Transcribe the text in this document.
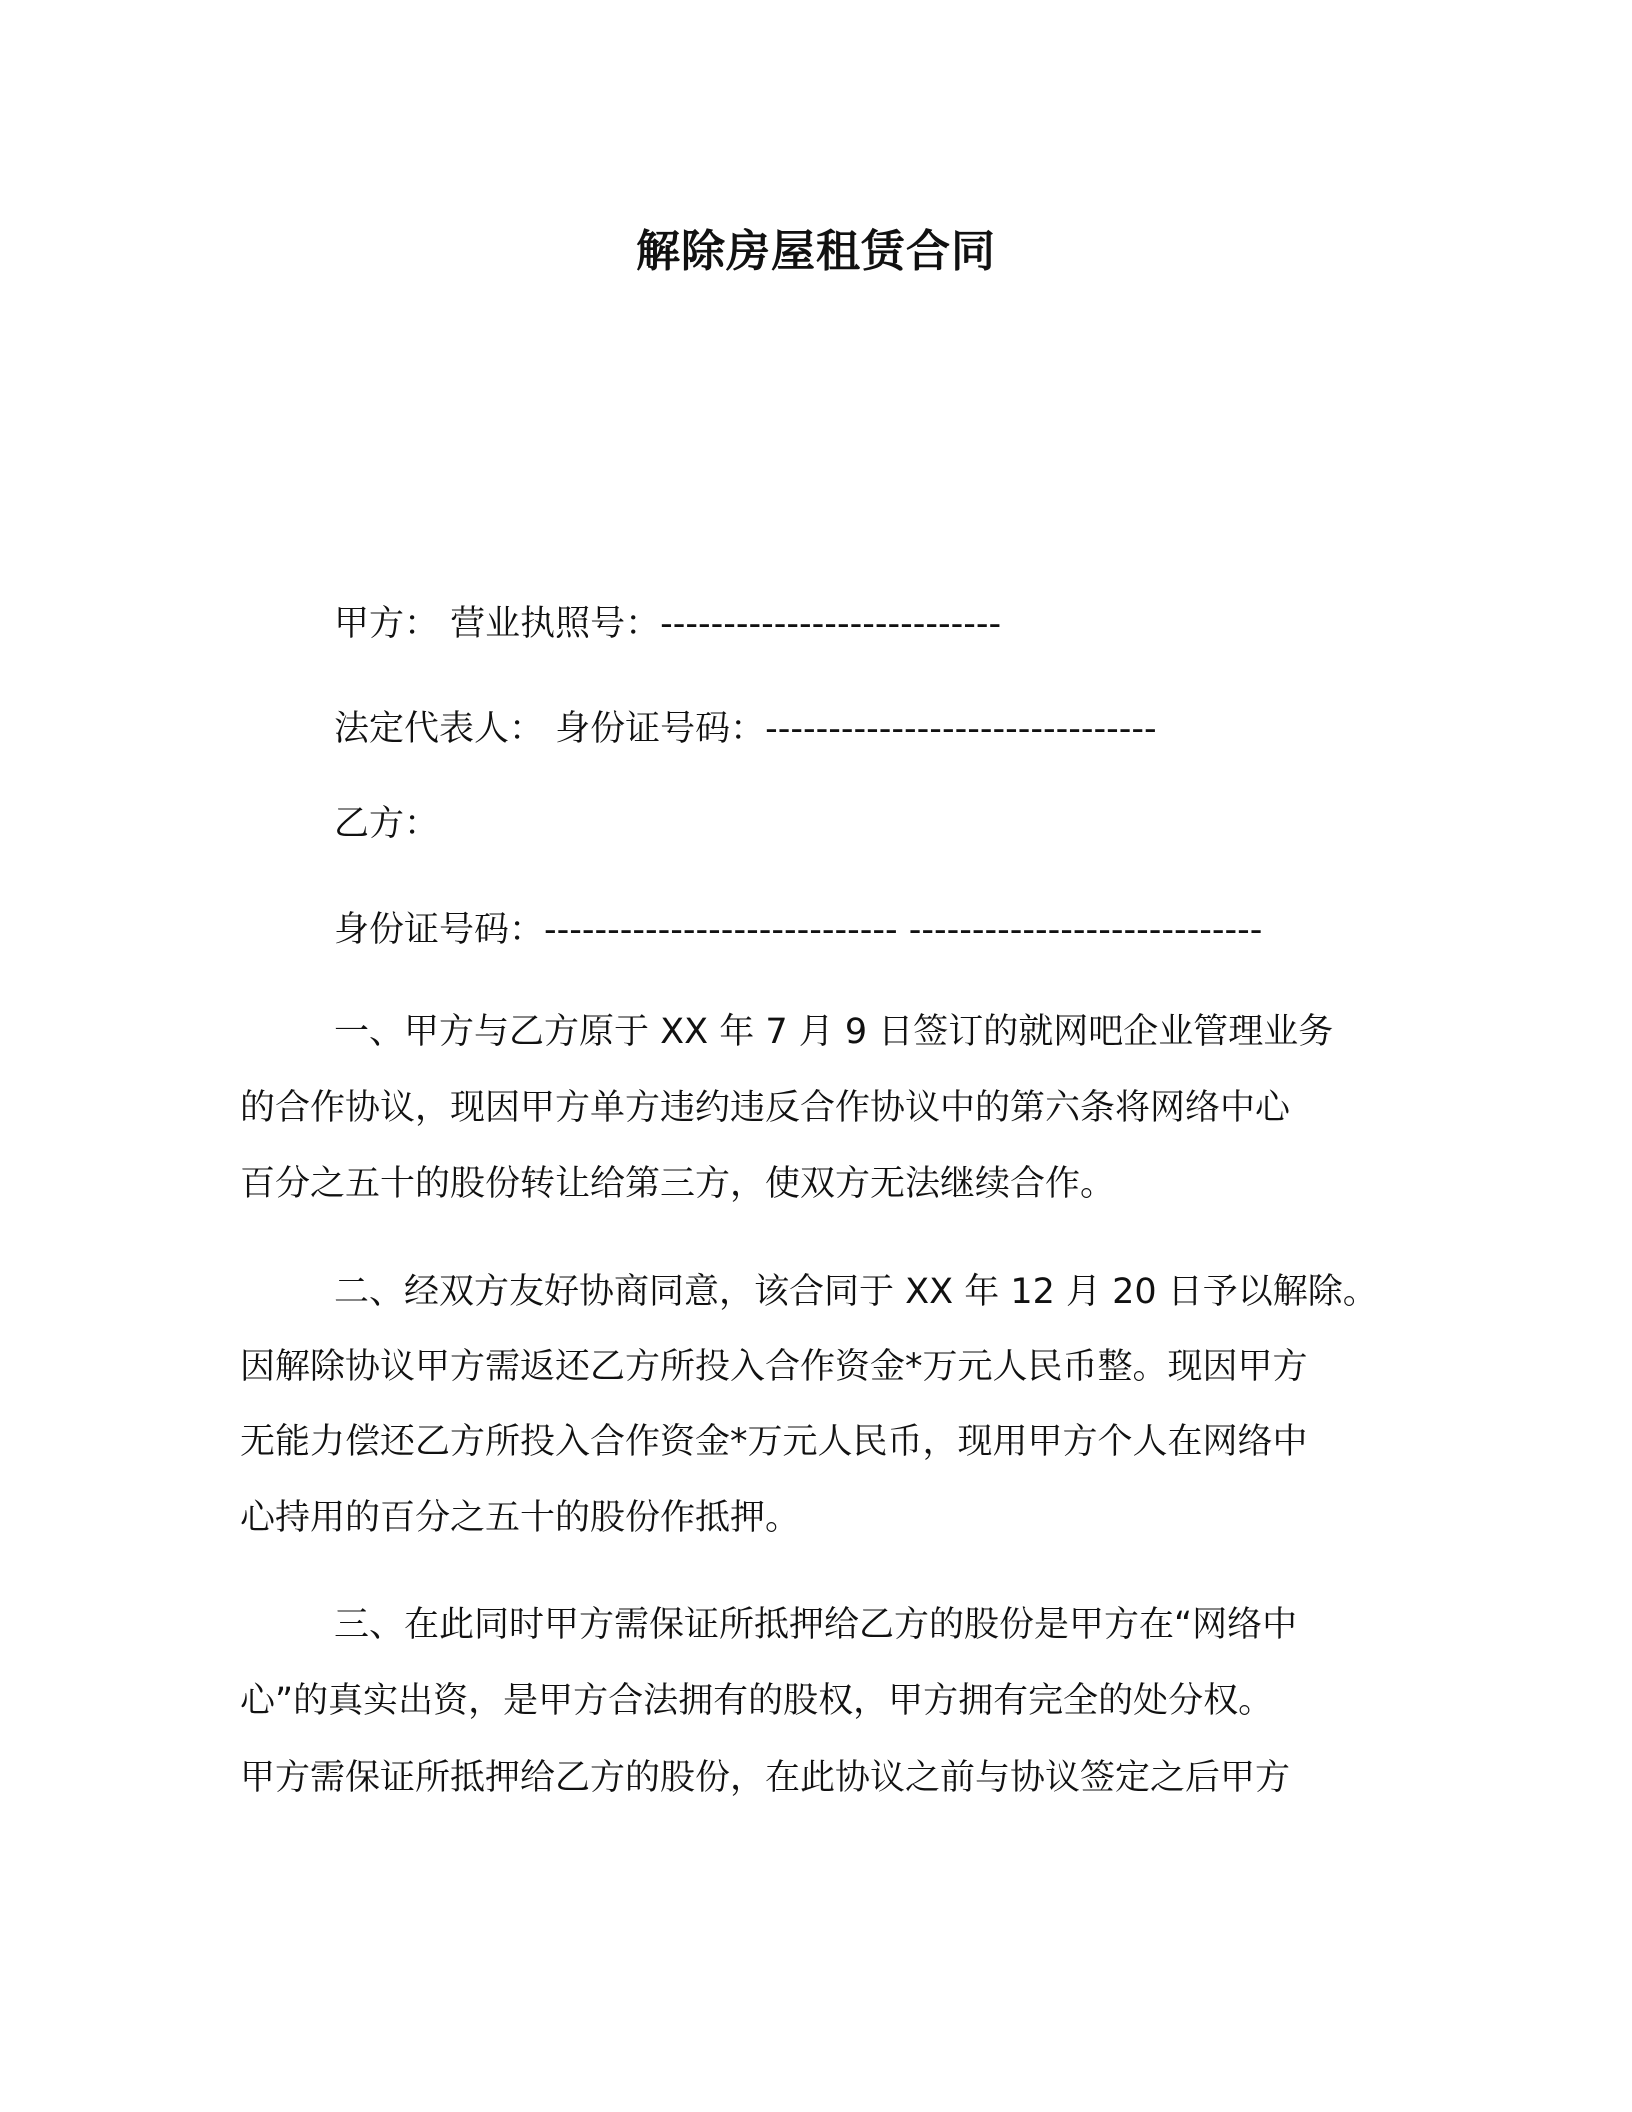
解除房屋租赁合同
甲方： 营业执照号：---------------------------
法定代表人： 身份证号码：-------------------------------
乙方：
身份证号码：---------------------------- ----------------------------
一、甲方与乙方原于 XX 年 7 月 9 日签订的就网吧企业管理业务
的合作协议，现因甲方单方违约违反合作协议中的第六条将网络中心
百分之五十的股份转让给第三方，使双方无法继续合作。
二、经双方友好协商同意，该合同于 XX 年 12 月 20 日予以解除。
因解除协议甲方需返还乙方所投入合作资金*万元人民币整。现因甲方
无能力偿还乙方所投入合作资金*万元人民币，现用甲方个人在网络中
心持用的百分之五十的股份作抵押。
三、在此同时甲方需保证所抵押给乙方的股份是甲方在“网络中
心”的真实出资，是甲方合法拥有的股权，甲方拥有完全的处分权。
甲方需保证所抵押给乙方的股份，在此协议之前与协议签定之后甲方
